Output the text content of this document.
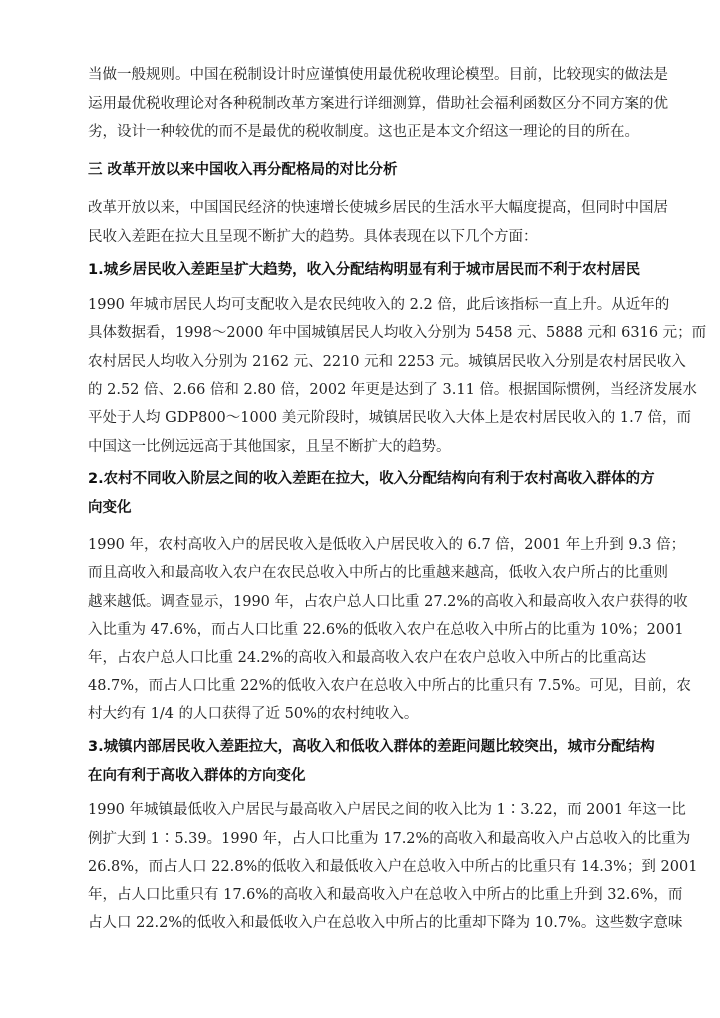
当做一般规则。中国在税制设计时应谨慎使用最优税收理论模型。目前，比较现实的做法是
运用最优税收理论对各种税制改革方案进行详细测算，借助社会福利函数区分不同方案的优
劣，设计一种较优的而不是最优的税收制度。这也正是本文介绍这一理论的目的所在。
三 改革开放以来中国收入再分配格局的对比分析
改革开放以来，中国国民经济的快速增长使城乡居民的生活水平大幅度提高，但同时中国居
民收入差距在拉大且呈现不断扩大的趋势。具体表现在以下几个方面：
1.城乡居民收入差距呈扩大趋势，收入分配结构明显有利于城市居民而不利于农村居民
1990 年城市居民人均可支配收入是农民纯收入的 2.2 倍，此后该指标一直上升。从近年的
具体数据看，1998～2000 年中国城镇居民人均收入分别为 5458 元、5888 元和 6316 元；而
农村居民人均收入分别为 2162 元、2210 元和 2253 元。城镇居民收入分别是农村居民收入
的 2.52 倍、2.66 倍和 2.80 倍，2002 年更是达到了 3.11 倍。根据国际惯例，当经济发展水
平处于人均 GDP800～1000 美元阶段时，城镇居民收入大体上是农村居民收入的 1.7 倍，而
中国这一比例远远高于其他国家，且呈不断扩大的趋势。
2.农村不同收入阶层之间的收入差距在拉大，收入分配结构向有利于农村高收入群体的方
向变化
1990 年，农村高收入户的居民收入是低收入户居民收入的 6.7 倍，2001 年上升到 9.3 倍；
而且高收入和最高收入农户在农民总收入中所占的比重越来越高，低收入农户所占的比重则
越来越低。调查显示，1990 年，占农户总人口比重 27.2%的高收入和最高收入农户获得的收
入比重为 47.6%，而占人口比重 22.6%的低收入农户在总收入中所占的比重为 10%；2001
年，占农户总人口比重 24.2%的高收入和最高收入农户在农户总收入中所占的比重高达
48.7%，而占人口比重 22%的低收入农户在总收入中所占的比重只有 7.5%。可见，目前，农
村大约有 1/4 的人口获得了近 50%的农村纯收入。
3.城镇内部居民收入差距拉大，高收入和低收入群体的差距问题比较突出，城市分配结构
在向有利于高收入群体的方向变化
1990 年城镇最低收入户居民与最高收入户居民之间的收入比为 1∶3.22，而 2001 年这一比
例扩大到 1∶5.39。1990 年，占人口比重为 17.2%的高收入和最高收入户占总收入的比重为
26.8%，而占人口 22.8%的低收入和最低收入户在总收入中所占的比重只有 14.3%；到 2001
年，占人口比重只有 17.6%的高收入和最高收入户在总收入中所占的比重上升到 32.6%，而
占人口 22.2%的低收入和最低收入户在总收入中所占的比重却下降为 10.7%。这些数字意味
